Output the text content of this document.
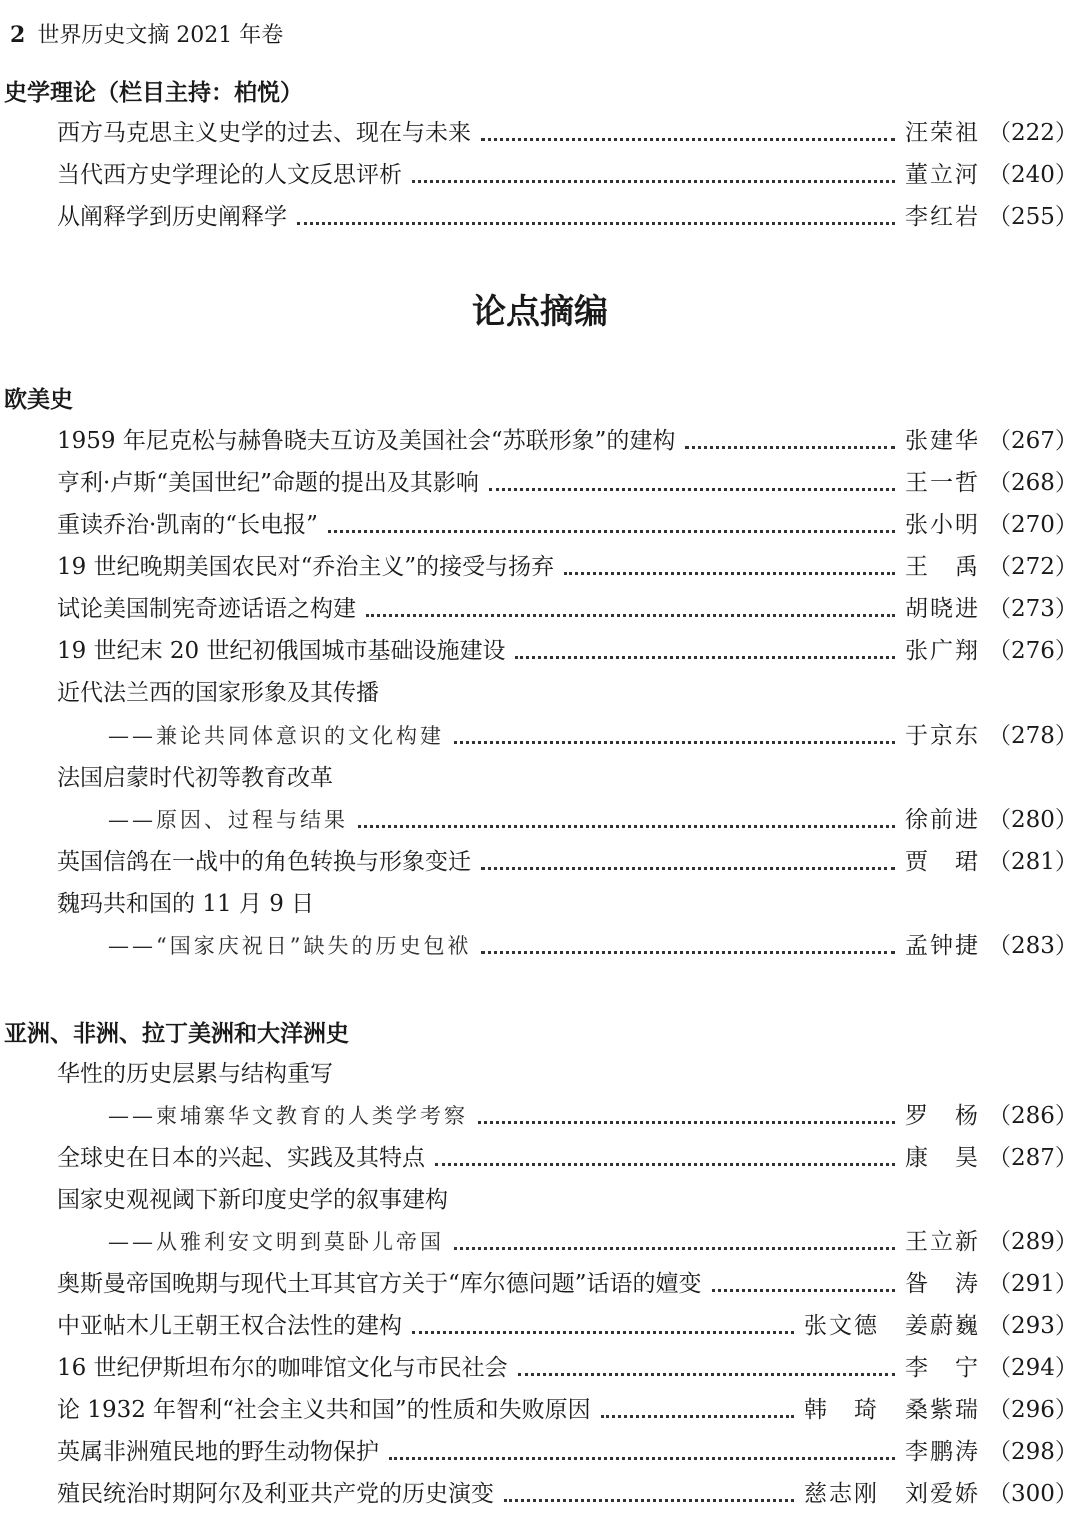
2 世界历史文摘 2021 年卷
史学理论（栏目主持：柏悦）
西方马克思主义史学的过去、现在与未来	汪荣祖 （222）
当代西方史学理论的人文反思评析	董立河 （240）
从阐释学到历史阐释学	李红岩 （255）
论点摘编
欧美史
1959 年尼克松与赫鲁晓夫互访及美国社会“苏联形象”的建构	张建华 （267）
亨利·卢斯“美国世纪”命题的提出及其影响	王一哲 （268）
重读乔治·凯南的“长电报”	张小明 （270）
19 世纪晚期美国农民对“乔治主义”的接受与扬弃	王　禹 （272）
试论美国制宪奇迹话语之构建	胡晓进 （273）
19 世纪末 20 世纪初俄国城市基础设施建设	张广翔 （276）
近代法兰西的国家形象及其传播
——兼论共同体意识的文化构建	于京东 （278）
法国启蒙时代初等教育改革
——原因、过程与结果	徐前进 （280）
英国信鸽在一战中的角色转换与形象变迁	贾　珺 （281）
魏玛共和国的 11 月 9 日
——“国家庆祝日”缺失的历史包袱	孟钟捷 （283）
亚洲、非洲、拉丁美洲和大洋洲史
华性的历史层累与结构重写
——柬埔寨华文教育的人类学考察	罗　杨 （286）
全球史在日本的兴起、实践及其特点	康　昊 （287）
国家史观视阈下新印度史学的叙事建构
——从雅利安文明到莫卧儿帝国	王立新 （289）
奥斯曼帝国晚期与现代土耳其官方关于“库尔德问题”话语的嬗变	昝　涛 （291）
中亚帖木儿王朝王权合法性的建构	张文德 姜蔚巍 （293）
16 世纪伊斯坦布尔的咖啡馆文化与市民社会	李　宁 （294）
论 1932 年智利“社会主义共和国”的性质和失败原因	韩　琦 桑紫瑞 （296）
英属非洲殖民地的野生动物保护	李鹏涛 （298）
殖民统治时期阿尔及利亚共产党的历史演变	慈志刚 刘爱娇 （300）
